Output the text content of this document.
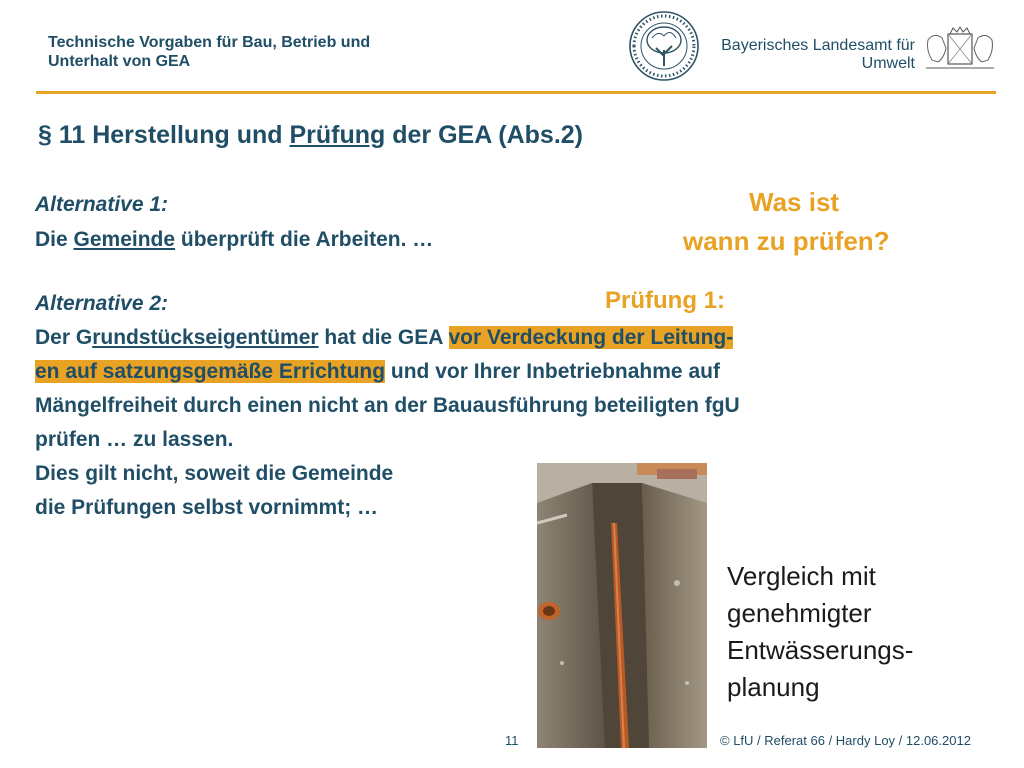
Technische Vorgaben für Bau, Betrieb und
Unterhalt von GEA
Bayerisches Landesamt für
Umwelt
§ 11 Herstellung und Prüfung der GEA (Abs.2)
Alternative 1:
Die Gemeinde überprüft die Arbeiten. …
Was ist
wann zu prüfen?
Alternative 2:	Prüfung 1:
Der Grundstückseigentümer hat die GEA vor Verdeckung der Leitung-
en auf satzungsgemäße Errichtung und vor Ihrer Inbetriebnahme auf
Mängelfreiheit durch einen nicht an der Bauausführung beteiligten fgU
prüfen … zu lassen.
Dies gilt nicht, soweit die Gemeinde
die Prüfungen selbst vornimmt; …
Vergleich mit
genehmigter
Entwässerungs-
planung
11	© LfU / Referat 66 / Hardy Loy / 12.06.2012
